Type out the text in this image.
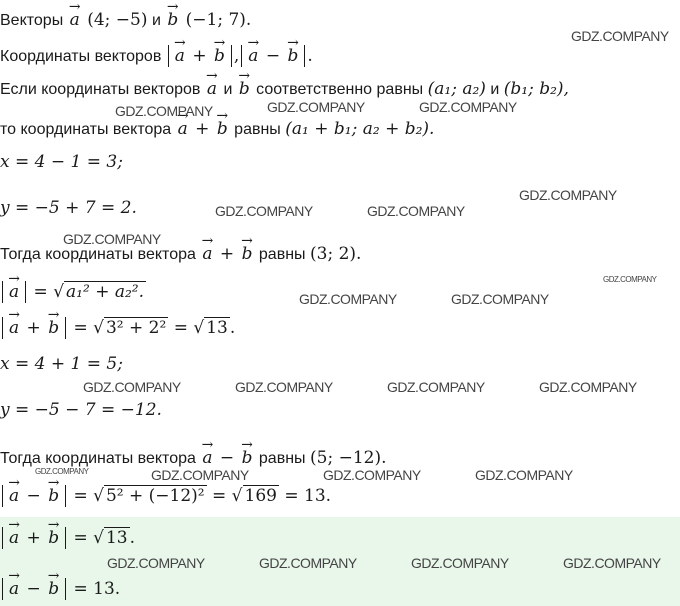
Векторы → a (4; −5) и → b (−1; 7).
Координаты векторов → a + → b , → a − → b .
Если координаты векторов → a и → b соответственно равны (a₁; a₂) и (b₁; b₂),
то координаты вектора → a + → b равны (a₁ + b₁; a₂ + b₂).
x = 4 − 1 = 3;
y = −5 + 7 = 2.
Тогда координаты вектора → a + → b равны (3; 2).
→ a = √ a₁² + a₂².
→ a + → b = √ 3² + 2² = √ 13 .
x = 4 + 1 = 5;
y = −5 − 7 = −12.
Тогда координаты вектора → a − → b равны (5; −12).
→ a − → b = √ 5² + (−12)² = √ 169 = 13.
→ a + → b = √ 13 .
→ a − → b = 13.
GDZ.COMPANY
GDZ.COMPANY	GDZ.COMPANY	GDZ.COMPANY
GDZ.COMPANY
GDZ.COMPANY	GDZ.COMPANY
GDZ.COMPANY
GDZ.COMPANY
GDZ.COMPANY	GDZ.COMPANY
GDZ.COMPANY	GDZ.COMPANY	GDZ.COMPANY	GDZ.COMPANY
GDZ.COMPANY	GDZ.COMPANY	GDZ.COMPANY	GDZ.COMPANY
GDZ.COMPANY	GDZ.COMPANY	GDZ.COMPANY	GDZ.COMPANY
